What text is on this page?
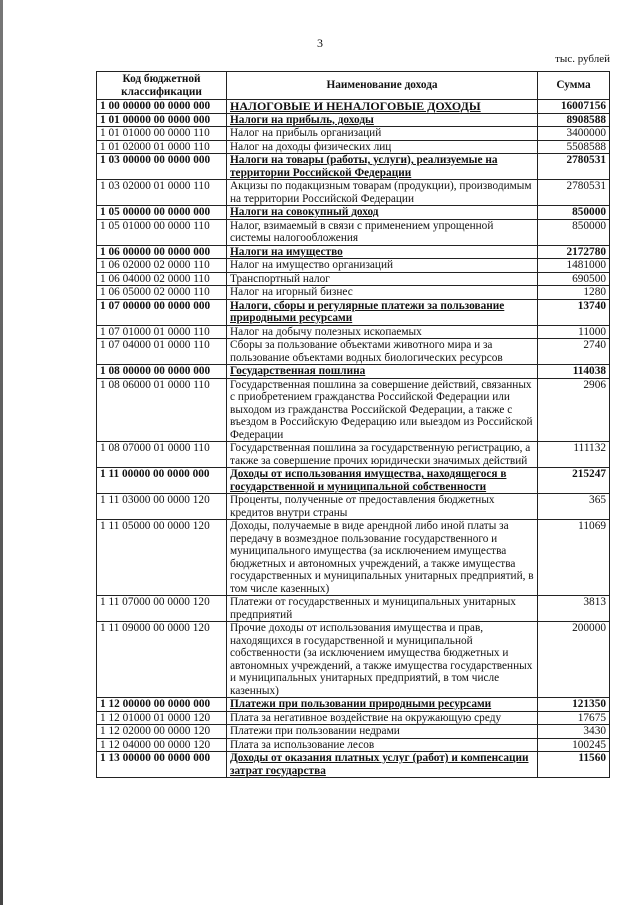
3
тыс. рублей
Код бюджетной классификации	Наименование дохода	Сумма
1 00 00000 00 0000 000	НАЛОГОВЫЕ И НЕНАЛОГОВЫЕ ДОХОДЫ	16007156
1 01 00000 00 0000 000	Налоги на прибыль, доходы	8908588
1 01 01000 00 0000 110	Налог на прибыль организаций	3400000
1 01 02000 01 0000 110	Налог на доходы физических лиц	5508588
1 03 00000 00 0000 000	Налоги на товары (работы, услуги), реализуемые на территории Российской Федерации	2780531
1 03 02000 01 0000 110	Акцизы по подакцизным товарам (продукции), производимым на территории Российской Федерации	2780531
1 05 00000 00 0000 000	Налоги на совокупный доход	850000
1 05 01000 00 0000 110	Налог, взимаемый в связи с применением упрощенной системы налогообложения	850000
1 06 00000 00 0000 000	Налоги на имущество	2172780
1 06 02000 02 0000 110	Налог на имущество организаций	1481000
1 06 04000 02 0000 110	Транспортный налог	690500
1 06 05000 02 0000 110	Налог на игорный бизнес	1280
1 07 00000 00 0000 000	Налоги, сборы и регулярные платежи за пользование природными ресурсами	13740
1 07 01000 01 0000 110	Налог на добычу полезных ископаемых	11000
1 07 04000 01 0000 110	Сборы за пользование объектами животного мира и за пользование объектами водных биологических ресурсов	2740
1 08 00000 00 0000 000	Государственная пошлина	114038
1 08 06000 01 0000 110	Государственная пошлина за совершение действий, связанных с приобретением гражданства Российской Федерации или выходом из гражданства Российской Федерации, а также с въездом в Российскую Федерацию или выездом из Российской Федерации	2906
1 08 07000 01 0000 110	Государственная пошлина за государственную регистрацию, а также за совершение прочих юридически значимых действий	111132
1 11 00000 00 0000 000	Доходы от использования имущества, находящегося в государственной и муниципальной собственности	215247
1 11 03000 00 0000 120	Проценты, полученные от предоставления бюджетных кредитов внутри страны	365
1 11 05000 00 0000 120	Доходы, получаемые в виде арендной либо иной платы за передачу в возмездное пользование государственного и муниципального имущества (за исключением имущества бюджетных и автономных учреждений, а также имущества государственных и муниципальных унитарных предприятий, в том числе казенных)	11069
1 11 07000 00 0000 120	Платежи от государственных и муниципальных унитарных предприятий	3813
1 11 09000 00 0000 120	Прочие доходы от использования имущества и прав, находящихся в государственной и муниципальной собственности (за исключением имущества бюджетных и автономных учреждений, а также имущества государственных и муниципальных унитарных предприятий, в том числе казенных)	200000
1 12 00000 00 0000 000	Платежи при пользовании природными ресурсами	121350
1 12 01000 01 0000 120	Плата за негативное воздействие на окружающую среду	17675
1 12 02000 00 0000 120	Платежи при пользовании недрами	3430
1 12 04000 00 0000 120	Плата за использование лесов	100245
1 13 00000 00 0000 000	Доходы от оказания платных услуг (работ) и компенсации затрат государства	11560
